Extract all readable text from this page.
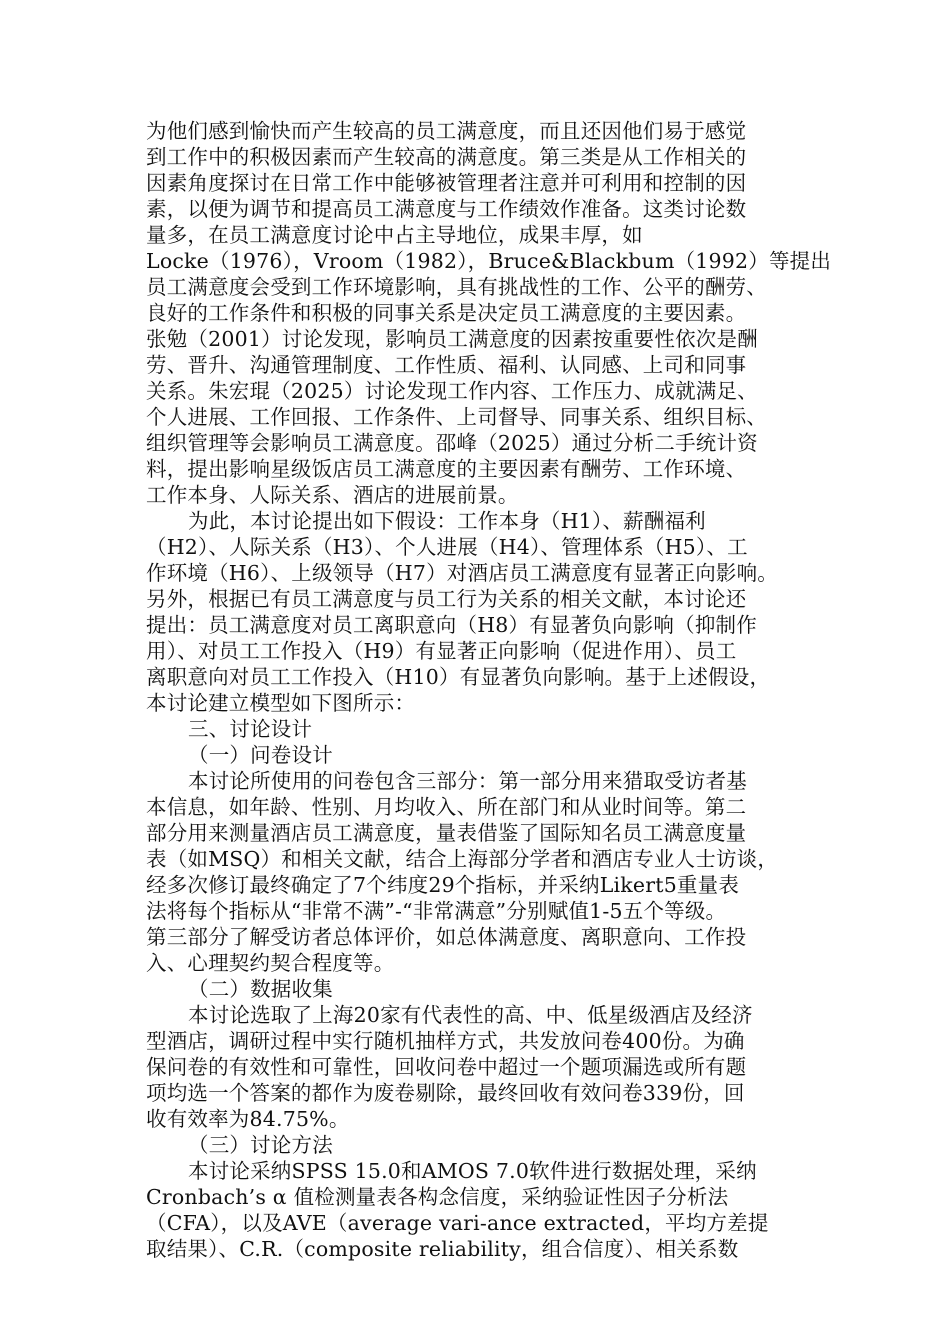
为他们感到愉快而产生较高的员工满意度，而且还因他们易于感觉
到工作中的积极因素而产生较高的满意度。第三类是从工作相关的
因素角度探讨在日常工作中能够被管理者注意并可利用和控制的因
素，以便为调节和提高员工满意度与工作绩效作准备。这类讨论数
量多，在员工满意度讨论中占主导地位，成果丰厚，如
Locke（1976），Vroom（1982），Bruce&Blackbum（1992）等提出
员工满意度会受到工作环境影响，具有挑战性的工作、公平的酬劳、
良好的工作条件和积极的同事关系是决定员工满意度的主要因素。
张勉（2001）讨论发现，影响员工满意度的因素按重要性依次是酬
劳、晋升、沟通管理制度、工作性质、福利、认同感、上司和同事
关系。朱宏琨（2025）讨论发现工作内容、工作压力、成就满足、
个人进展、工作回报、工作条件、上司督导、同事关系、组织目标、
组织管理等会影响员工满意度。邵峰（2025）通过分析二手统计资
料，提出影响星级饭店员工满意度的主要因素有酬劳、工作环境、
工作本身、人际关系、酒店的进展前景。
为此，本讨论提出如下假设：工作本身（H1）、薪酬福利
（H2）、人际关系（H3）、个人进展（H4）、管理体系（H5）、工
作环境（H6）、上级领导（H7）对酒店员工满意度有显著正向影响。
另外，根据已有员工满意度与员工行为关系的相关文献，本讨论还
提出：员工满意度对员工离职意向（H8）有显著负向影响（抑制作
用）、对员工工作投入（H9）有显著正向影响（促进作用）、员工
离职意向对员工工作投入（H10）有显著负向影响。基于上述假设，
本讨论建立模型如下图所示：
三、讨论设计
（一）问卷设计
本讨论所使用的问卷包含三部分：第一部分用来猎取受访者基
本信息，如年龄、性别、月均收入、所在部门和从业时间等。第二
部分用来测量酒店员工满意度，量表借鉴了国际知名员工满意度量
表（如MSQ）和相关文献，结合上海部分学者和酒店专业人士访谈，
经多次修订最终确定了7个纬度29个指标，并采纳Likert5重量表
法将每个指标从“非常不满”-“非常满意”分别赋值1-5五个等级。
第三部分了解受访者总体评价，如总体满意度、离职意向、工作投
入、心理契约契合程度等。
（二）数据收集
本讨论选取了上海20家有代表性的高、中、低星级酒店及经济
型酒店，调研过程中实行随机抽样方式，共发放问卷400份。为确
保问卷的有效性和可靠性，回收问卷中超过一个题项漏选或所有题
项均选一个答案的都作为废卷剔除，最终回收有效问卷339份，回
收有效率为84.75%。
（三）讨论方法
本讨论采纳SPSS 15.0和AMOS 7.0软件进行数据处理，采纳
Cronbach’s α 值检测量表各构念信度，采纳验证性因子分析法
（CFA），以及AVE（average vari-ance extracted，平均方差提
取结果）、C.R.（composite reliability，组合信度）、相关系数
